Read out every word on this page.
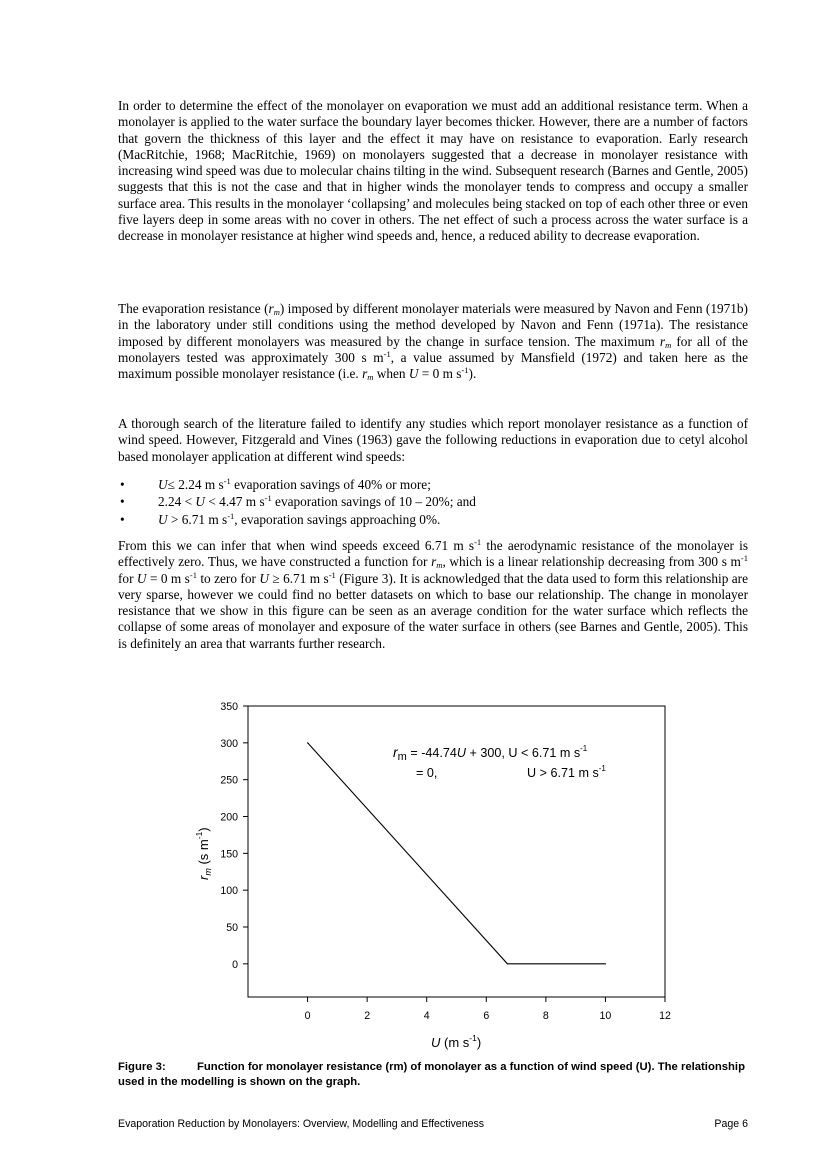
In order to determine the effect of the monolayer on evaporation we must add an additional resistance term. When a monolayer is applied to the water surface the boundary layer becomes thicker. However, there are a number of factors that govern the thickness of this layer and the effect it may have on resistance to evaporation. Early research (MacRitchie, 1968; MacRitchie, 1969) on monolayers suggested that a decrease in monolayer resistance with increasing wind speed was due to molecular chains tilting in the wind. Subsequent research (Barnes and Gentle, 2005) suggests that this is not the case and that in higher winds the monolayer tends to compress and occupy a smaller surface area. This results in the monolayer ‘collapsing’ and molecules being stacked on top of each other three or even five layers deep in some areas with no cover in others. The net effect of such a process across the water surface is a decrease in monolayer resistance at higher wind speeds and, hence, a reduced ability to decrease evaporation.

The evaporation resistance $(r_m)$ imposed by different monolayer materials were measured by Navon and Fenn (1971b) in the laboratory under still conditions using the method developed by Navon and Fenn (1971a). The resistance imposed by different monolayers was measured by the change in surface tension. The maximum $r_m$ for all of the monolayers tested was approximately 300 s $m^{-1}$, a value assumed by Mansfield (1972) and taken here as the maximum possible monolayer resistance (i.e. $r_m$ when U = 0 m $s^{-1}$).

A thorough search of the literature failed to identify any studies which report monolayer resistance as a function of wind speed. However, Fitzgerald and Vines (1963) gave the following reductions in evaporation due to cetyl alcohol based monolayer application at different wind speeds:

•	U≤ 2.24 m $s^{-1}$ evaporation savings of 40% or more;
•	2.24 < U < 4.47 m $s^{-1}$ evaporation savings of 10 – 20%; and
•	U > 6.71 m $s^{-1}$, evaporation savings approaching 0%.

From this we can infer that when wind speeds exceed 6.71 m $s^{-1}$ the aerodynamic resistance of the monolayer is effectively zero. Thus, we have constructed a function for $r_m$, which is a linear relationship decreasing from 300 s $m^{-1}$ for U = 0 m $s^{-1}$ to zero for U ≥ 6.71 m $s^{-1}$ (Figure 3). It is acknowledged that the data used to form this relationship are very sparse, however we could find no better datasets on which to base our relationship. The change in monolayer resistance that we show in this figure can be seen as an average condition for the water surface which reflects the collapse of some areas of monolayer and exposure of the water surface in others (see Barnes and Gentle, 2005). This is definitely an area that warrants further research.

0
50
100
150
200
250
300
350
0	2	4	6	8	10	12
rm = -44.74U + 300, U < 6.71 m $s^{-1}$
= 0,	U > 6.71 m $s^{-1}$
U (m $s^{-1}$)
$r_m$ (s $m^{-1}$)
Figure 3:	Function for monolayer resistance (rm) of monolayer as a function of wind speed (U). The relationship used in the modelling is shown on the graph.
Evaporation Reduction by Monolayers: Overview, Modelling and Effectiveness	Page 6
